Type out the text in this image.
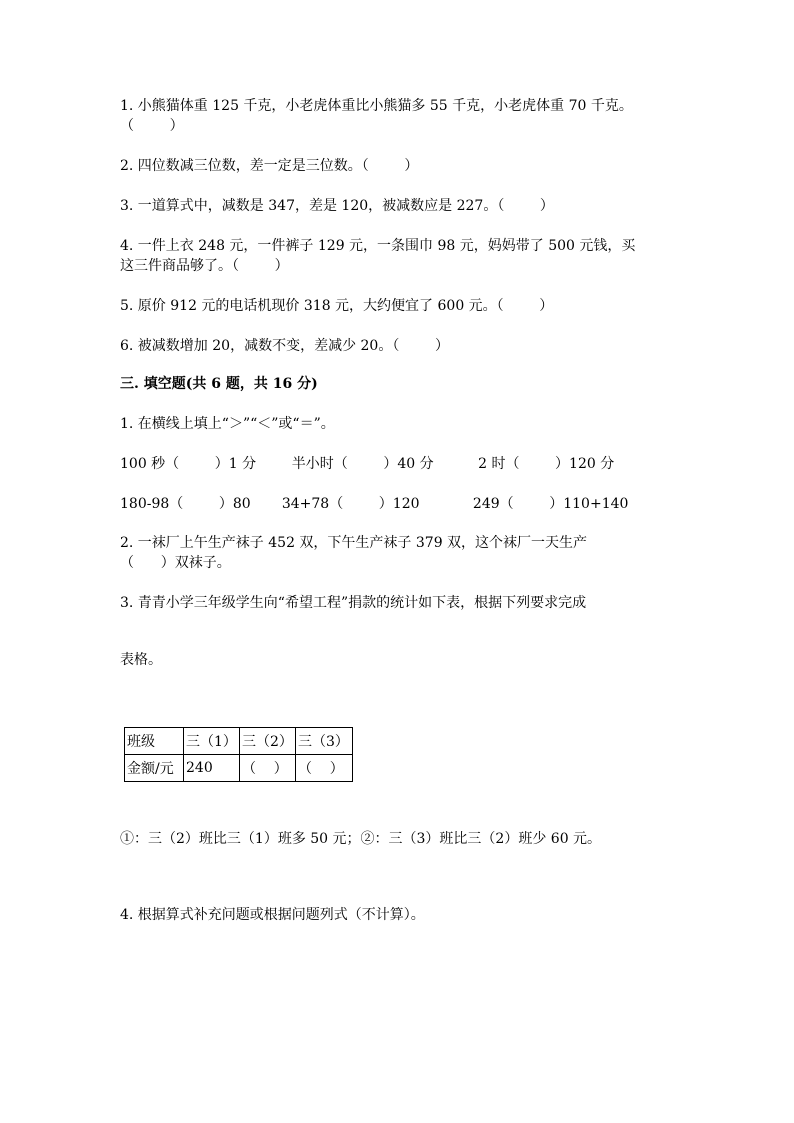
1. 小熊猫体重 125 千克，小老虎体重比小熊猫多 55 千克，小老虎体重 70 千克。
（        ）
2. 四位数减三位数，差一定是三位数。（        ）
3. 一道算式中，减数是 347，差是 120，被减数应是 227。（        ）
4. 一件上衣 248 元，一件裤子 129 元，一条围巾 98 元，妈妈带了 500 元钱，买
这三件商品够了。（        ）
5. 原价 912 元的电话机现价 318 元，大约便宜了 600 元。（        ）
6. 被减数增加 20，减数不变，差减少 20。（        ）
三. 填空题(共 6 题，共 16 分)
1. 在横线上填上“＞”“＜”或“＝”。
100 秒（        ）1 分        半小时（        ）40 分          2 时（        ）120 分
180-98（        ）80       34+78（        ）120            249（        ）110+140
2. 一袜厂上午生产袜子 452 双，下午生产袜子 379 双，这个袜厂一天生产
（      ）双袜子。
3. 青青小学三年级学生向“希望工程”捐款的统计如下表，根据下列要求完成
表格。
班级	三（1）	三（2）	三（3）
金额/元	240	（    ）	（    ）
①：三（2）班比三（1）班多 50 元；②：三（3）班比三（2）班少 60 元。
4. 根据算式补充问题或根据问题列式（不计算）。
